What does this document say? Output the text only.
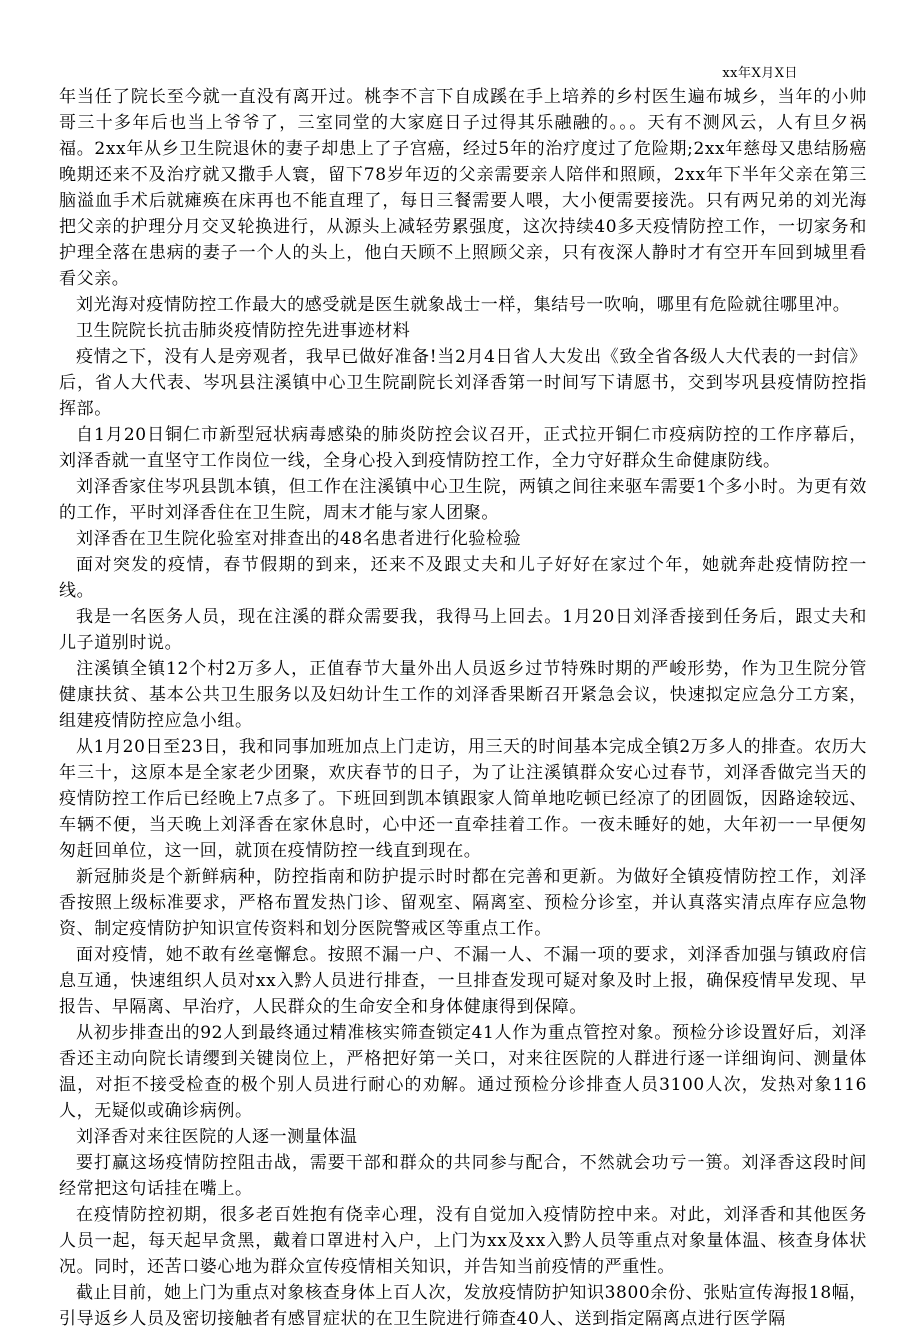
xx年X月X日

年当任了院长至今就一直没有离开过。桃李不言下自成蹊在手上培养的乡村医生遍布城乡，当年的小帅哥三十多年后也当上爷爷了，三室同堂的大家庭日子过得其乐融融的。。。天有不测风云，人有旦夕祸福。2xx年从乡卫生院退休的妻子却患上了子宫癌，经过5年的治疗度过了危险期;2xx年慈母又患结肠癌晚期还来不及治疗就又撒手人寰，留下78岁年迈的父亲需要亲人陪伴和照顾，2xx年下半年父亲在第三脑溢血手术后就瘫痪在床再也不能直理了，每日三餐需要人喂，大小便需要接洗。只有两兄弟的刘光海把父亲的护理分月交叉轮换进行，从源头上减轻劳累强度，这次持续40多天疫情防控工作，一切家务和护理全落在患病的妻子一个人的头上，他白天顾不上照顾父亲，只有夜深人静时才有空开车回到城里看看父亲。

刘光海对疫情防控工作最大的感受就是医生就象战士一样，集结号一吹响，哪里有危险就往哪里冲。

卫生院院长抗击肺炎疫情防控先进事迹材料

疫情之下，没有人是旁观者，我早已做好准备!当2月4日省人大发出《致全省各级人大代表的一封信》后，省人大代表、岑巩县注溪镇中心卫生院副院长刘泽香第一时间写下请愿书，交到岑巩县疫情防控指挥部。

自1月20日铜仁市新型冠状病毒感染的肺炎防控会议召开，正式拉开铜仁市疫病防控的工作序幕后，刘泽香就一直坚守工作岗位一线，全身心投入到疫情防控工作，全力守好群众生命健康防线。

刘泽香家住岑巩县凯本镇，但工作在注溪镇中心卫生院，两镇之间往来驱车需要1个多小时。为更有效的工作，平时刘泽香住在卫生院，周末才能与家人团聚。

刘泽香在卫生院化验室对排查出的48名患者进行化验检验

面对突发的疫情，春节假期的到来，还来不及跟丈夫和儿子好好在家过个年，她就奔赴疫情防控一线。

我是一名医务人员，现在注溪的群众需要我，我得马上回去。1月20日刘泽香接到任务后，跟丈夫和儿子道别时说。

注溪镇全镇12个村2万多人，正值春节大量外出人员返乡过节特殊时期的严峻形势，作为卫生院分管健康扶贫、基本公共卫生服务以及妇幼计生工作的刘泽香果断召开紧急会议，快速拟定应急分工方案，组建疫情防控应急小组。

从1月20日至23日，我和同事加班加点上门走访，用三天的时间基本完成全镇2万多人的排查。农历大年三十，这原本是全家老少团聚，欢庆春节的日子，为了让注溪镇群众安心过春节，刘泽香做完当天的疫情防控工作后已经晚上7点多了。下班回到凯本镇跟家人简单地吃顿已经凉了的团圆饭，因路途较远、车辆不便，当天晚上刘泽香在家休息时，心中还一直牵挂着工作。一夜未睡好的她，大年初一一早便匆匆赶回单位，这一回，就顶在疫情防控一线直到现在。

新冠肺炎是个新鲜病种，防控指南和防护提示时时都在完善和更新。为做好全镇疫情防控工作，刘泽香按照上级标准要求，严格布置发热门诊、留观室、隔离室、预检分诊室，并认真落实清点库存应急物资、制定疫情防护知识宣传资料和划分医院警戒区等重点工作。

面对疫情，她不敢有丝毫懈怠。按照不漏一户、不漏一人、不漏一项的要求，刘泽香加强与镇政府信息互通，快速组织人员对xx入黔人员进行排查，一旦排查发现可疑对象及时上报，确保疫情早发现、早报告、早隔离、早治疗，人民群众的生命安全和身体健康得到保障。

从初步排查出的92人到最终通过精准核实筛查锁定41人作为重点管控对象。预检分诊设置好后，刘泽香还主动向院长请缨到关键岗位上，严格把好第一关口，对来往医院的人群进行逐一详细询问、测量体温，对拒不接受检查的极个别人员进行耐心的劝解。通过预检分诊排查人员3100人次，发热对象116人，无疑似或确诊病例。

刘泽香对来往医院的人逐一测量体温

要打赢这场疫情防控阻击战，需要干部和群众的共同参与配合，不然就会功亏一篑。刘泽香这段时间经常把这句话挂在嘴上。

在疫情防控初期，很多老百姓抱有侥幸心理，没有自觉加入疫情防控中来。对此，刘泽香和其他医务人员一起，每天起早贪黑，戴着口罩进村入户，上门为xx及xx入黔人员等重点对象量体温、核查身体状况。同时，还苦口婆心地为群众宣传疫情相关知识，并告知当前疫情的严重性。

截止目前，她上门为重点对象核查身体上百人次，发放疫情防护知识3800余份、张贴宣传海报18幅，引导返乡人员及密切接触者有感冒症状的在卫生院进行筛查40人、送到指定隔离点进行医学隔
